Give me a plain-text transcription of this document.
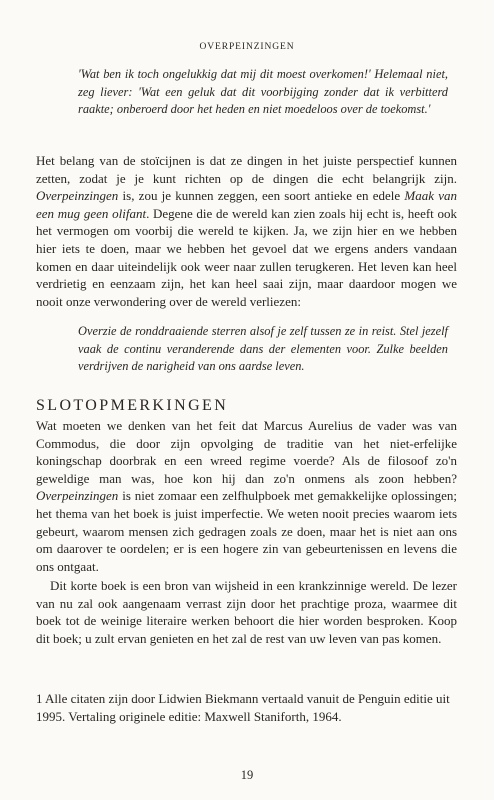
OVERPEINZINGEN

'Wat ben ik toch ongelukkig dat mij dit moest overkomen!' Helemaal niet, zeg liever: 'Wat een geluk dat dit voorbijging zonder dat ik verbitterd raakte; onberoerd door het heden en niet moedeloos over de toekomst.'

Het belang van de stoïcijnen is dat ze dingen in het juiste perspectief kunnen zetten, zodat je je kunt richten op de dingen die echt belangrijk zijn. Overpeinzingen is, zou je kunnen zeggen, een soort antieke en edele Maak van een mug geen olifant. Degene die de wereld kan zien zoals hij echt is, heeft ook het vermogen om voorbij die wereld te kijken. Ja, we zijn hier en we hebben hier iets te doen, maar we hebben het gevoel dat we ergens anders vandaan komen en daar uiteindelijk ook weer naar zullen terugkeren. Het leven kan heel verdrietig en eenzaam zijn, het kan heel saai zijn, maar daardoor mogen we nooit onze verwondering over de wereld verliezen:

Overzie de ronddraaiende sterren alsof je zelf tussen ze in reist. Stel jezelf vaak de continu veranderende dans der elementen voor. Zulke beelden verdrijven de narigheid van ons aardse leven.

SLOTOPMERKINGEN

Wat moeten we denken van het feit dat Marcus Aurelius de vader was van Commodus, die door zijn opvolging de traditie van het niet-erfelijke koningschap doorbrak en een wreed regime voerde? Als de filosoof zo'n geweldige man was, hoe kon hij dan zo'n onmens als zoon hebben? Overpeinzingen is niet zomaar een zelfhulpboek met gemakkelijke oplossingen; het thema van het boek is juist imperfectie. We weten nooit precies waarom iets gebeurt, waarom mensen zich gedragen zoals ze doen, maar het is niet aan ons om daarover te oordelen; er is een hogere zin van gebeurtenissen en levens die ons ontgaat.

Dit korte boek is een bron van wijsheid in een krankzinnige wereld. De lezer van nu zal ook aangenaam verrast zijn door het prachtige proza, waarmee dit boek tot de weinige literaire werken behoort die hier worden besproken. Koop dit boek; u zult ervan genieten en het zal de rest van uw leven van pas komen.

1 Alle citaten zijn door Lidwien Biekmann vertaald vanuit de Penguin editie uit 1995. Vertaling originele editie: Maxwell Staniforth, 1964.

19
